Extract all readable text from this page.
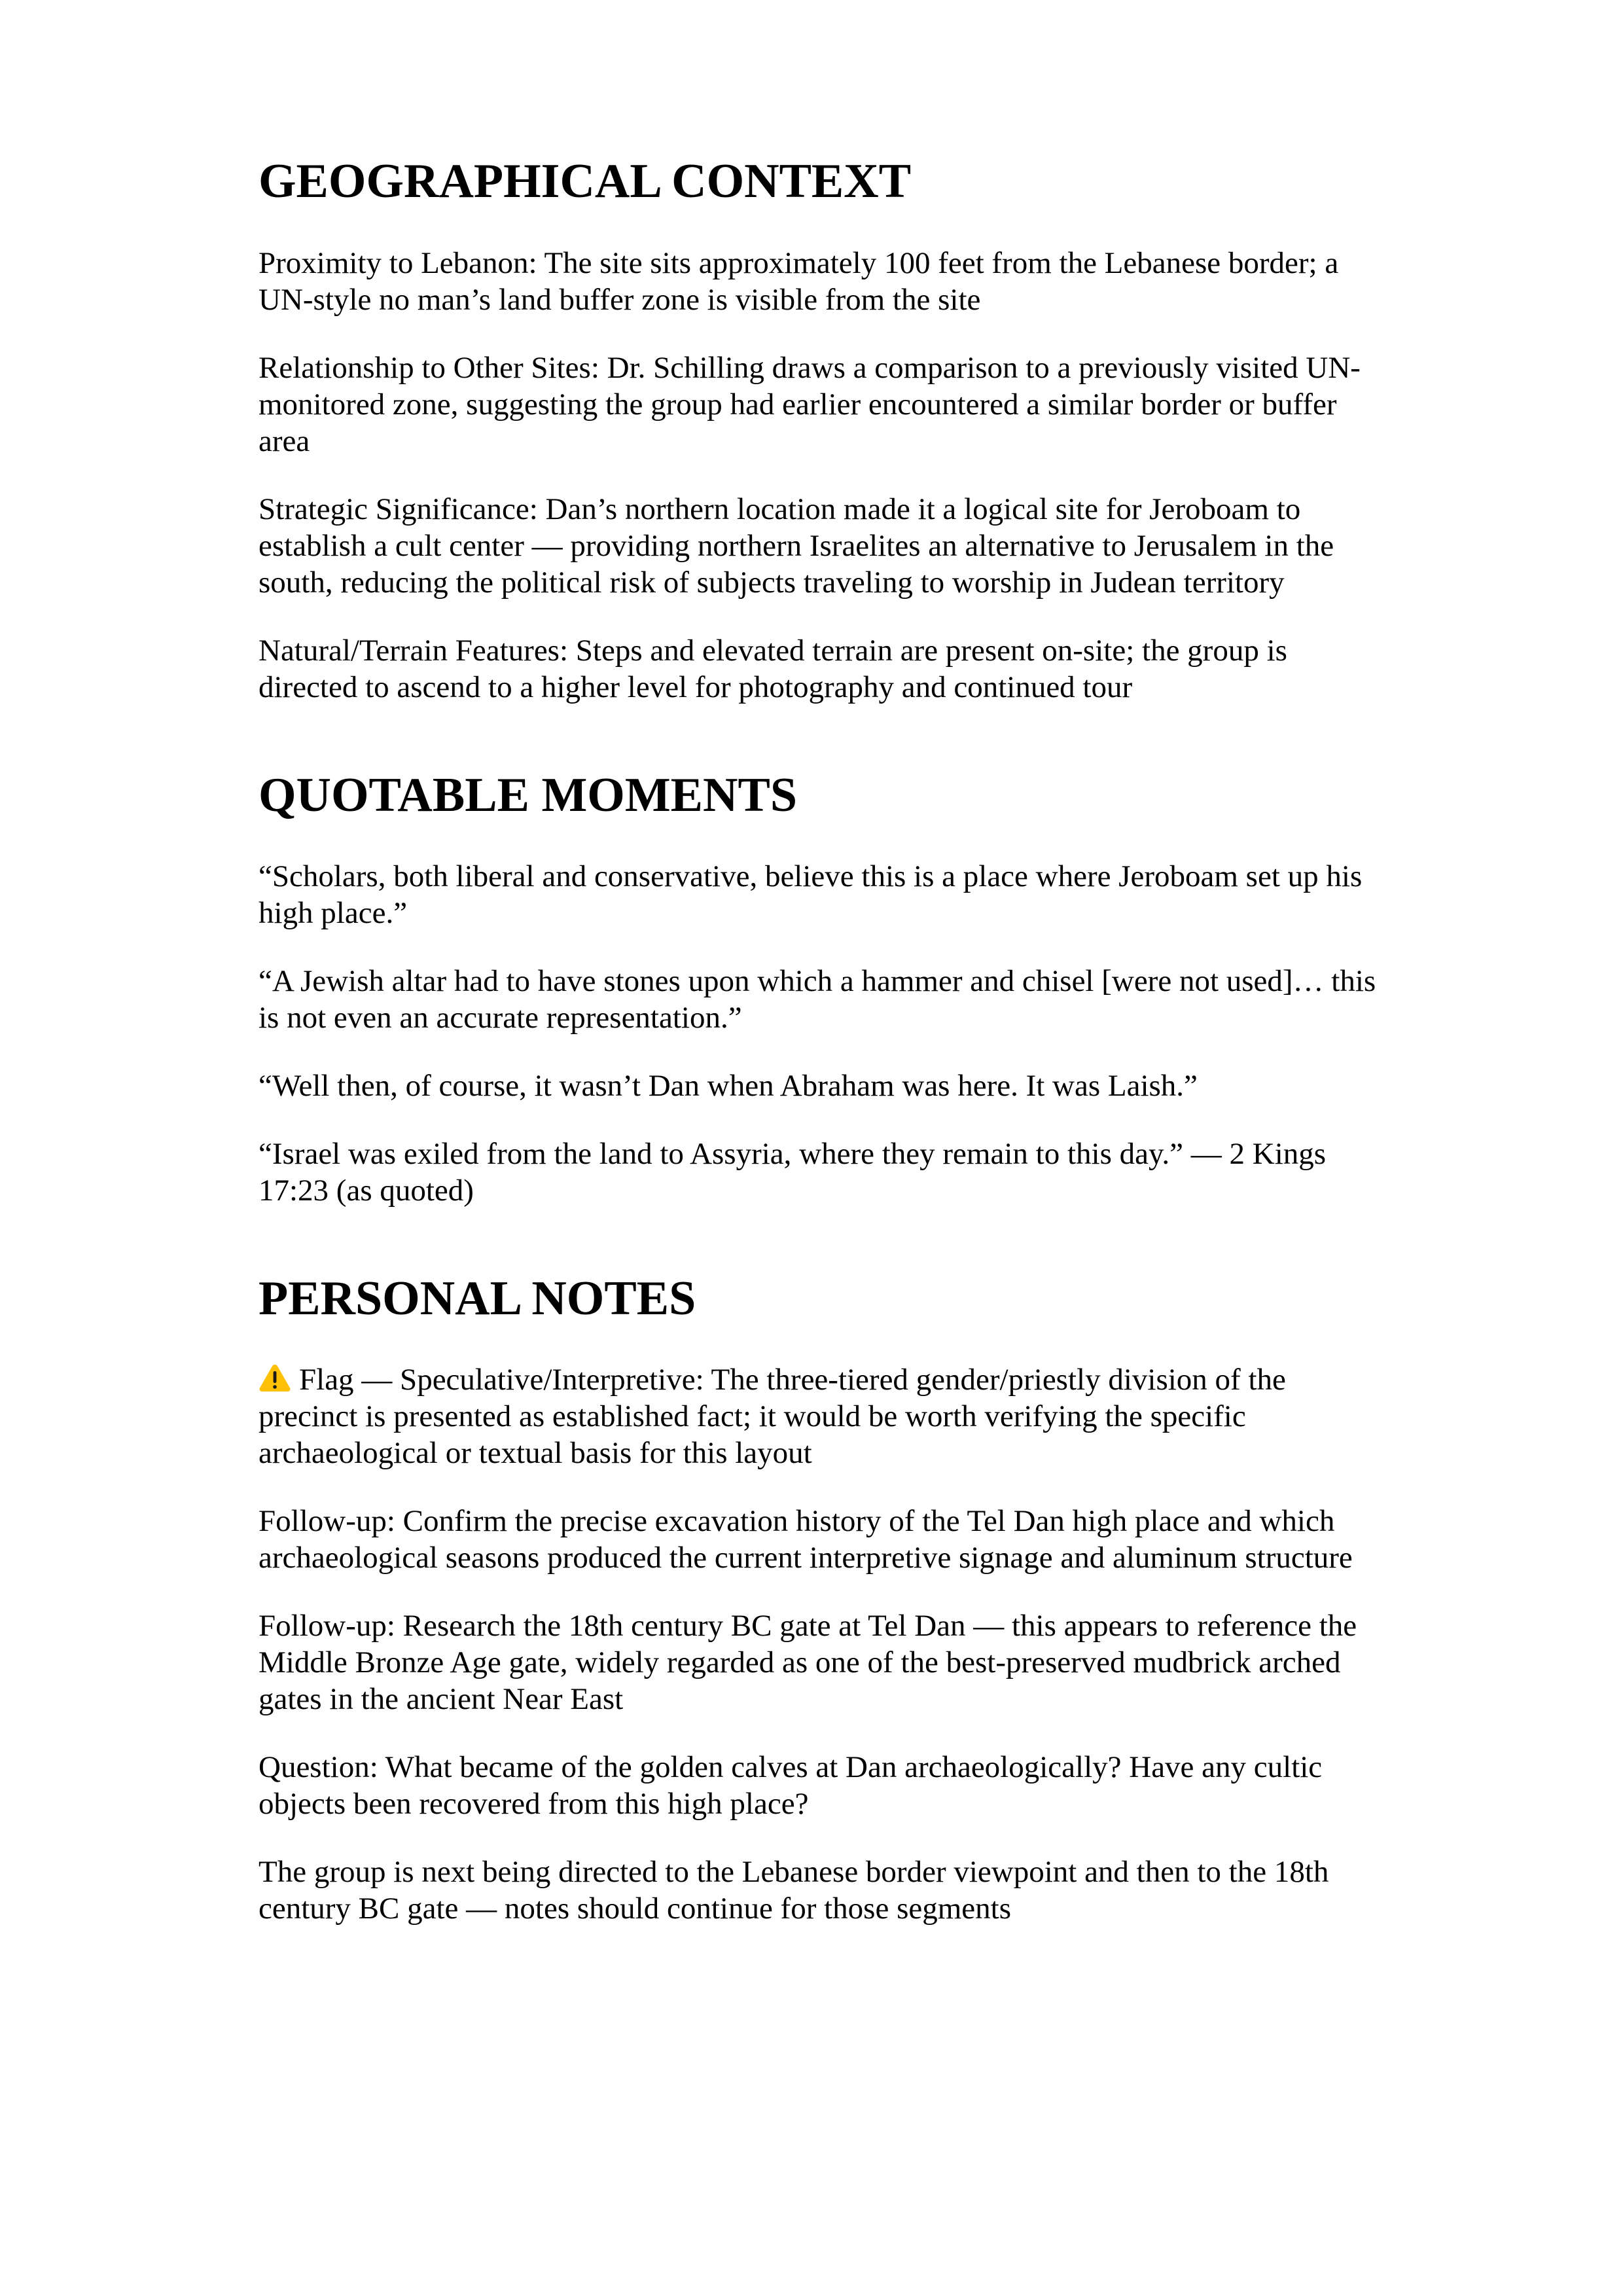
GEOGRAPHICAL CONTEXT

Proximity to Lebanon: The site sits approximately 100 feet from the Lebanese border; a UN-style no man’s land buffer zone is visible from the site

Relationship to Other Sites: Dr. Schilling draws a comparison to a previously visited UN-monitored zone, suggesting the group had earlier encountered a similar border or buffer area

Strategic Significance: Dan’s northern location made it a logical site for Jeroboam to establish a cult center — providing northern Israelites an alternative to Jerusalem in the south, reducing the political risk of subjects traveling to worship in Judean territory

Natural/Terrain Features: Steps and elevated terrain are present on-site; the group is directed to ascend to a higher level for photography and continued tour

QUOTABLE MOMENTS

“Scholars, both liberal and conservative, believe this is a place where Jeroboam set up his high place.”

“A Jewish altar had to have stones upon which a hammer and chisel [were not used]… this is not even an accurate representation.”

“Well then, of course, it wasn’t Dan when Abraham was here. It was Laish.”

“Israel was exiled from the land to Assyria, where they remain to this day.” — 2 Kings 17:23 (as quoted)

PERSONAL NOTES

Flag — Speculative/Interpretive: The three-tiered gender/priestly division of the precinct is presented as established fact; it would be worth verifying the specific archaeological or textual basis for this layout

Follow-up: Confirm the precise excavation history of the Tel Dan high place and which archaeological seasons produced the current interpretive signage and aluminum structure

Follow-up: Research the 18th century BC gate at Tel Dan — this appears to reference the Middle Bronze Age gate, widely regarded as one of the best-preserved mudbrick arched gates in the ancient Near East

Question: What became of the golden calves at Dan archaeologically? Have any cultic objects been recovered from this high place?

The group is next being directed to the Lebanese border viewpoint and then to the 18th century BC gate — notes should continue for those segments
